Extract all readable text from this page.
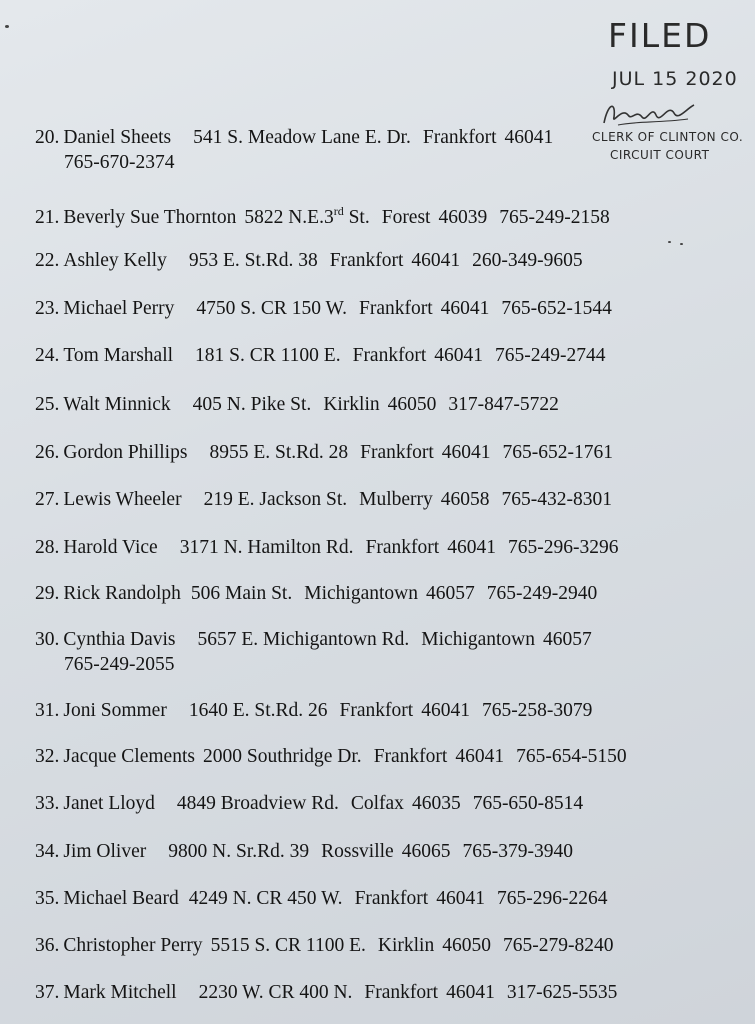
FILED
JUL 15 2020
CLERK OF CLINTON CO.
CIRCUIT COURT
20. Daniel Sheets 541 S. Meadow Lane E. Dr. Frankfort 46041
765-670-2374
21. Beverly Sue Thornton 5822 N.E.3rd St. Forest 46039 765-249-2158
22. Ashley Kelly 953 E. St.Rd. 38 Frankfort 46041 260-349-9605
23. Michael Perry 4750 S. CR 150 W. Frankfort 46041 765-652-1544
24. Tom Marshall 181 S. CR 1100 E. Frankfort 46041 765-249-2744
25. Walt Minnick 405 N. Pike St. Kirklin 46050 317-847-5722
26. Gordon Phillips 8955 E. St.Rd. 28 Frankfort 46041 765-652-1761
27. Lewis Wheeler 219 E. Jackson St. Mulberry 46058 765-432-8301
28. Harold Vice 3171 N. Hamilton Rd. Frankfort 46041 765-296-3296
29. Rick Randolph 506 Main St. Michigantown 46057 765-249-2940
30. Cynthia Davis 5657 E. Michigantown Rd. Michigantown 46057
765-249-2055
31. Joni Sommer 1640 E. St.Rd. 26 Frankfort 46041 765-258-3079
32. Jacque Clements 2000 Southridge Dr. Frankfort 46041 765-654-5150
33. Janet Lloyd 4849 Broadview Rd. Colfax 46035 765-650-8514
34. Jim Oliver 9800 N. Sr.Rd. 39 Rossville 46065 765-379-3940
35. Michael Beard 4249 N. CR 450 W. Frankfort 46041 765-296-2264
36. Christopher Perry 5515 S. CR 1100 E. Kirklin 46050 765-279-8240
37. Mark Mitchell 2230 W. CR 400 N. Frankfort 46041 317-625-5535
